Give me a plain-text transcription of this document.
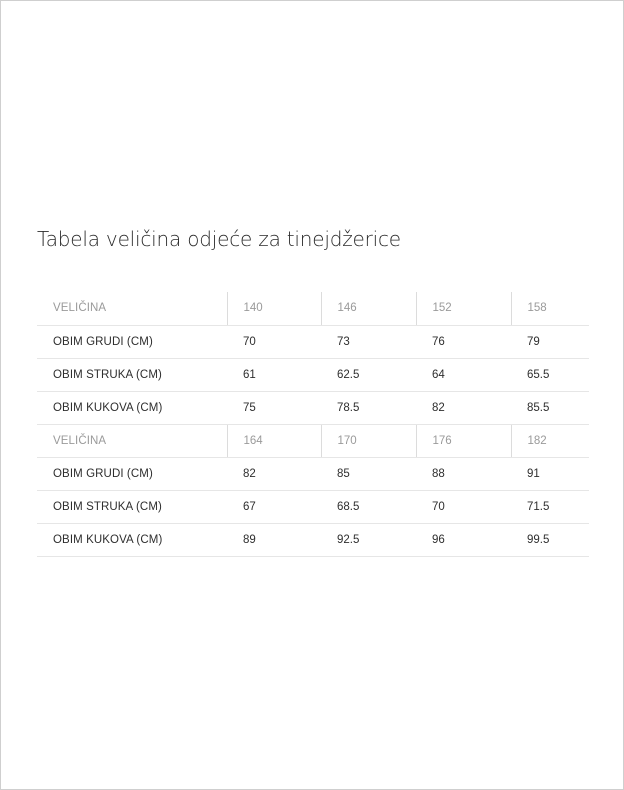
Tabela veličina odjeće za tinejdžerice
VELIČINA	140	146	152	158
OBIM GRUDI (CM)	70	73	76	79
OBIM STRUKA (CM)	61	62.5	64	65.5
OBIM KUKOVA (CM)	75	78.5	82	85.5
VELIČINA	164	170	176	182
OBIM GRUDI (CM)	82	85	88	91
OBIM STRUKA (CM)	67	68.5	70	71.5
OBIM KUKOVA (CM)	89	92.5	96	99.5
